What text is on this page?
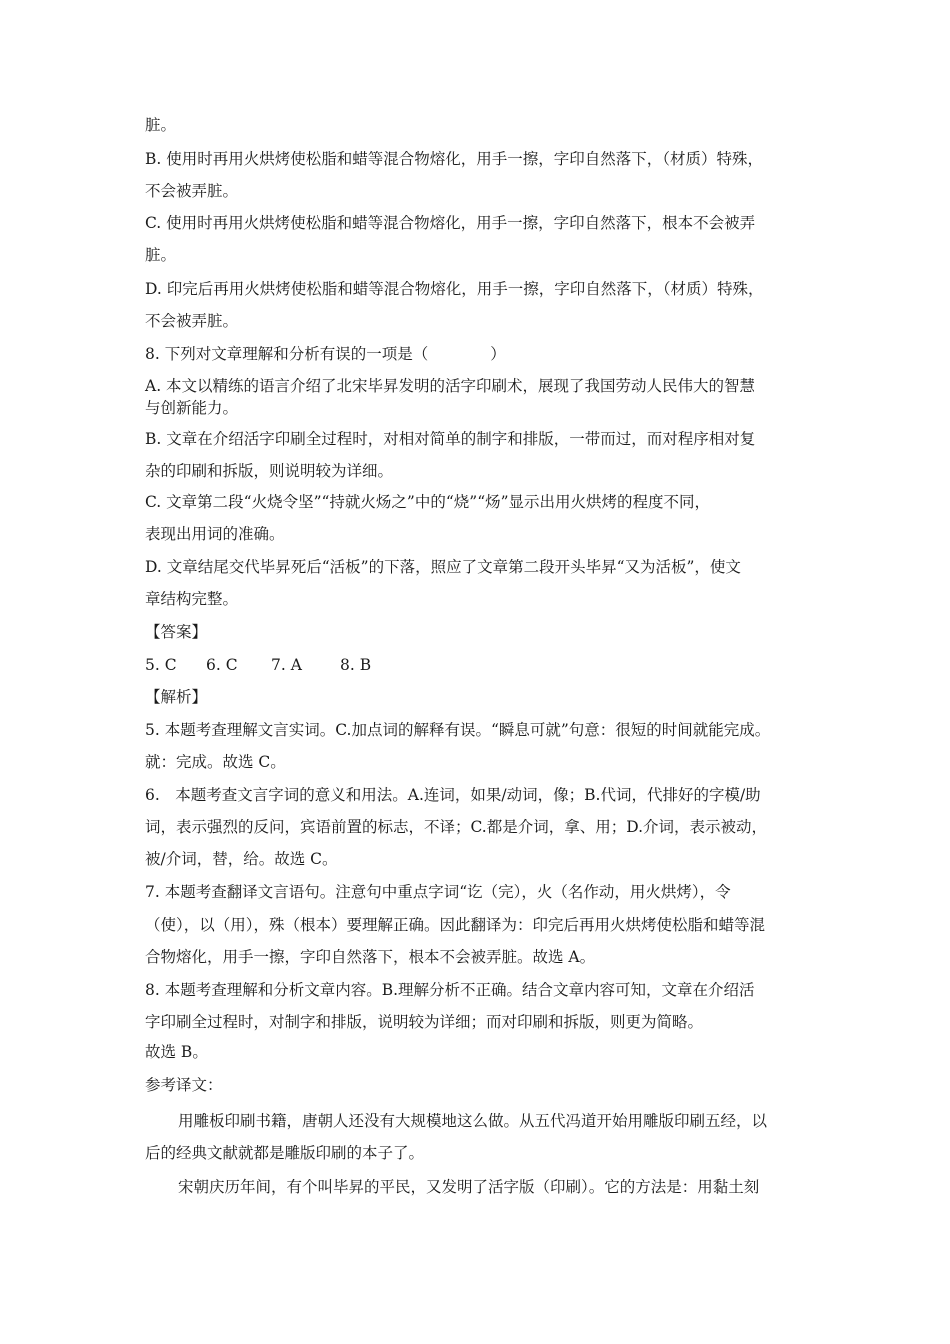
脏。
B. 使用时再用火烘烤使松脂和蜡等混合物熔化，用手一擦，字印自然落下，（材质）特殊，
不会被弄脏。
C. 使用时再用火烘烤使松脂和蜡等混合物熔化，用手一擦，字印自然落下，根本不会被弄
脏。
D. 印完后再用火烘烤使松脂和蜡等混合物熔化，用手一擦，字印自然落下，（材质）特殊，
不会被弄脏。
8. 下列对文章理解和分析有误的一项是（　　　　）
A. 本文以精练的语言介绍了北宋毕昇发明的活字印刷术，展现了我国劳动人民伟大的智慧
与创新能力。
B. 文章在介绍活字印刷全过程时，对相对简单的制字和排版，一带而过，而对程序相对复
杂的印刷和拆版，则说明较为详细。
C. 文章第二段“火烧令坚”“持就火炀之”中的“烧”“炀”显示出用火烘烤的程度不同，
表现出用词的准确。
D. 文章结尾交代毕昇死后“活板”的下落，照应了文章第二段开头毕昇“又为活板”，使文
章结构完整。
【答案】
5. C 6. C 7. A 8. B
【解析】
5. 本题考查理解文言实词。C.加点词的解释有误。“瞬息可就”句意：很短的时间就能完成。
就：完成。故选 C。
6.　本题考查文言字词的意义和用法。A.连词，如果/动词，像；B.代词，代排好的字模/助
词，表示强烈的反问，宾语前置的标志，不译；C.都是介词，拿、用；D.介词，表示被动，
被/介词，替，给。故选 C。
7. 本题考查翻译文言语句。注意句中重点字词“讫（完），火（名作动，用火烘烤），令
（使），以（用），殊（根本）要理解正确。因此翻译为：印完后再用火烘烤使松脂和蜡等混
合物熔化，用手一擦，字印自然落下，根本不会被弄脏。故选 A。
8. 本题考查理解和分析文章内容。B.理解分析不正确。结合文章内容可知，文章在介绍活
字印刷全过程时，对制字和排版，说明较为详细；而对印刷和拆版，则更为简略。
故选 B。
参考译文：
用雕板印刷书籍，唐朝人还没有大规模地这么做。从五代冯道开始用雕版印刷五经，以
后的经典文献就都是雕版印刷的本子了。
宋朝庆历年间，有个叫毕昇的平民，又发明了活字版（印刷）。它的方法是：用黏土刻
